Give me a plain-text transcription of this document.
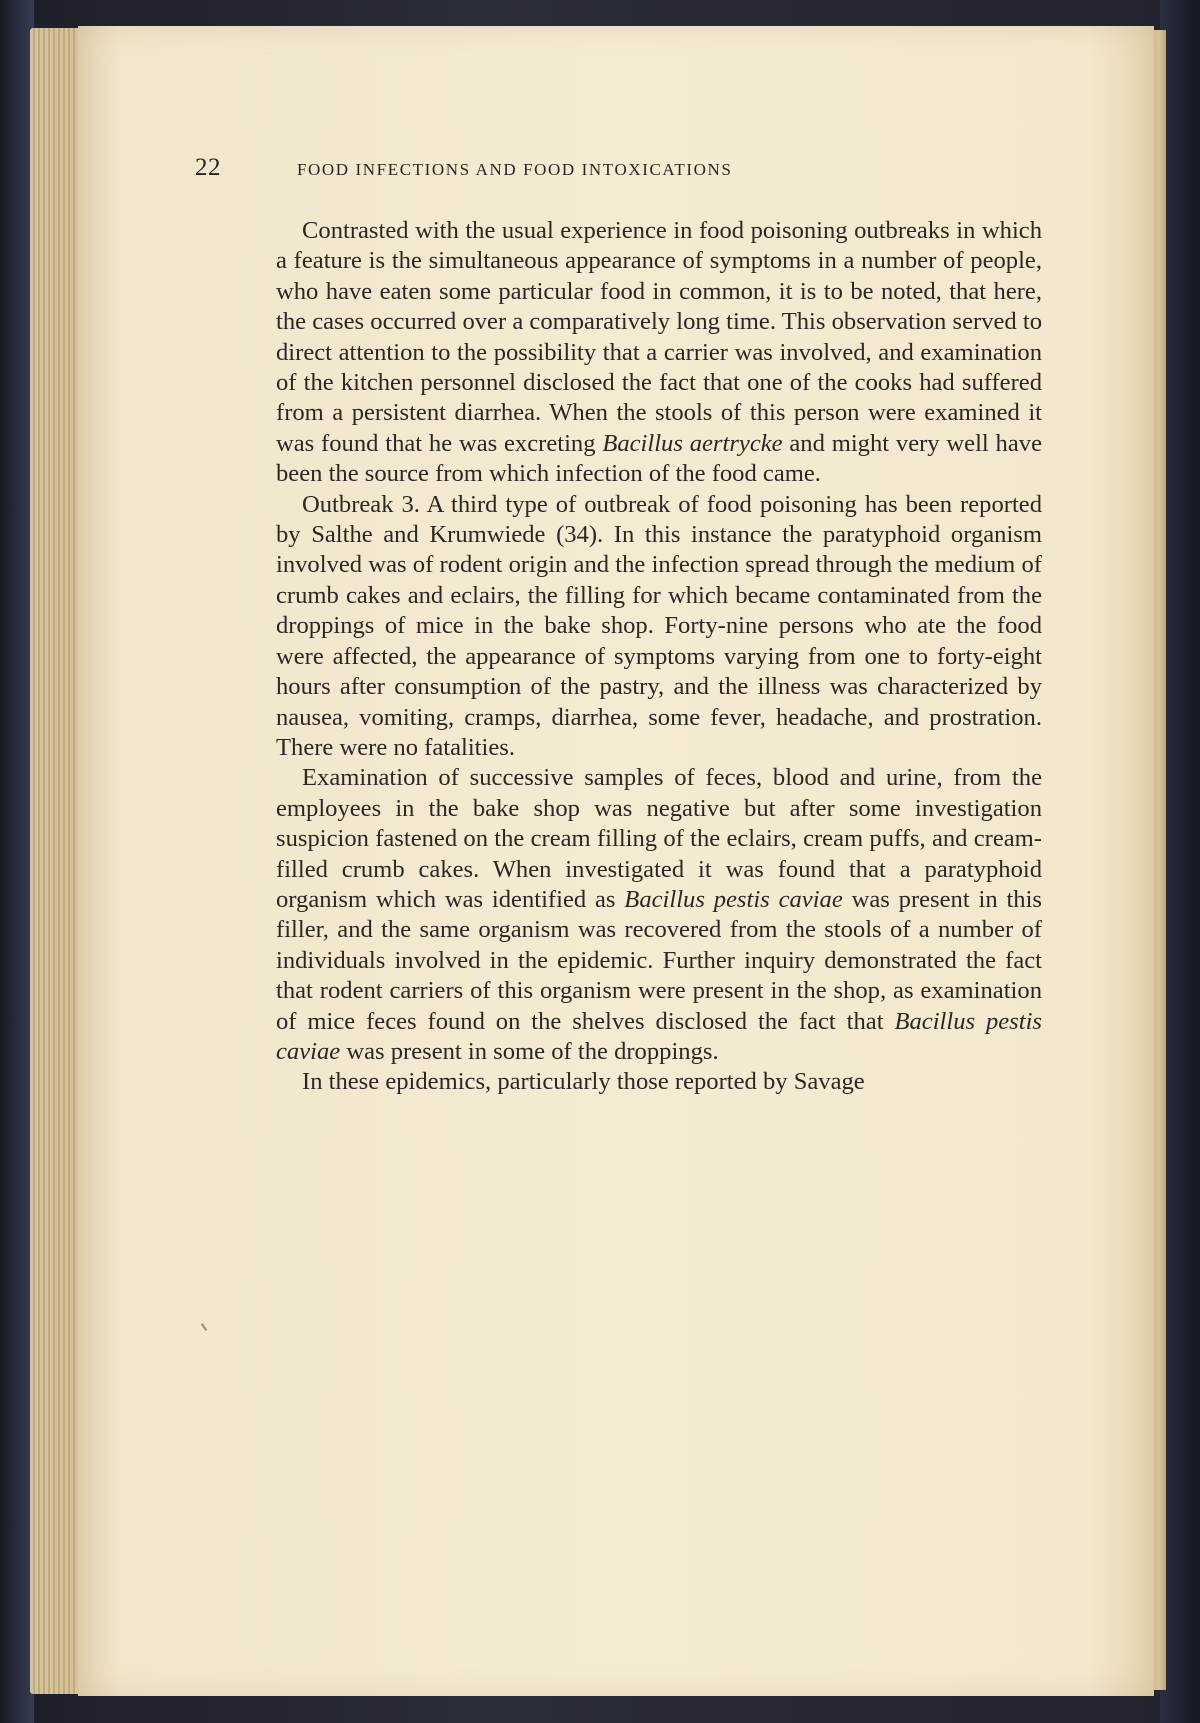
22	FOOD INFECTIONS AND FOOD INTOXICATIONS

Contrasted with the usual experience in food poisoning outbreaks in which a feature is the simultaneous appearance of symptoms in a number of people, who have eaten some particular food in common, it is to be noted, that here, the cases occurred over a comparatively long time. This observation served to direct attention to the possibility that a carrier was involved, and examination of the kitchen personnel disclosed the fact that one of the cooks had suffered from a persistent diarrhea. When the stools of this person were examined it was found that he was excreting Bacillus aertrycke and might very well have been the source from which infection of the food came.

Outbreak 3. A third type of outbreak of food poisoning has been reported by Salthe and Krumwiede (34). In this instance the paratyphoid organism involved was of rodent origin and the infection spread through the medium of crumb cakes and eclairs, the filling for which became contaminated from the droppings of mice in the bake shop. Forty-nine persons who ate the food were affected, the appearance of symptoms varying from one to forty-eight hours after consumption of the pastry, and the illness was characterized by nausea, vomiting, cramps, diarrhea, some fever, headache, and prostration. There were no fatalities.

Examination of successive samples of feces, blood and urine, from the employees in the bake shop was negative but after some investigation suspicion fastened on the cream filling of the eclairs, cream puffs, and cream-filled crumb cakes. When investigated it was found that a paratyphoid organism which was identified as Bacillus pestis caviae was present in this filler, and the same organism was recovered from the stools of a number of individuals involved in the epidemic. Further inquiry demonstrated the fact that rodent carriers of this organism were present in the shop, as examination of mice feces found on the shelves disclosed the fact that Bacillus pestis caviae was present in some of the droppings.

In these epidemics, particularly those reported by Savage
